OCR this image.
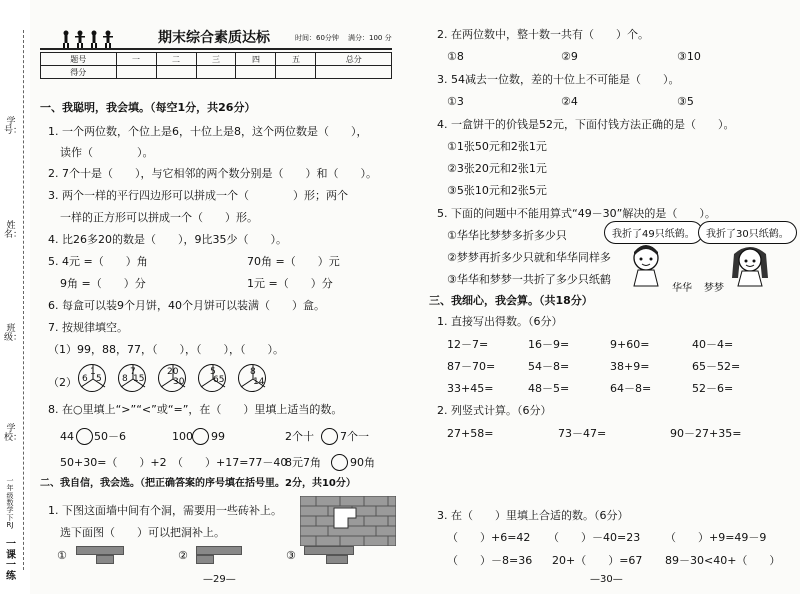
学号：
姓名：
班级：
学校：
一年级 数学 下 RJ
一课一练
期末综合素质达标	时间：60分钟 满分：100 分
题号	一	二	三	四	五	总分
得分						
一、我聪明，我会填。（每空1分，共26分）
1. 一个两位数，个位上是6，十位上是8，这个两位数是（　　），
读作（　　　　）。
2. 7个十是（　　），与它相邻的两个数分别是（　　）和（　　）。
3. 两个一样的平行四边形可以拼成一个（　　　　）形；两个
一样的正方形可以拼成一个（　　）形。
4. 比26多20的数是（　　），9比35少（　　）。
5. 4元 =（　　）角	70角 =（　　）元
9角 =（　　）分	1元 =（　　）分
6. 每盒可以装9个月饼，40个月饼可以装满（　　）盒。
7. 按规律填空。
（1）99，88，77，（　　），（　　），（　　）。
（2）
1
6 5
7
8 15
20
30
5
65
8
14
8. 在○里填上“>”“<”或“=”，在（　　）里填上适当的数。
44 50－6	100 99	2个十 7个一
50+30=（　　）+2 （　　）+17=77－40
8元7角	90角
二、我自信，我会选。（把正确答案的序号填在括号里。2分，共10分）
1. 下图这面墙中间有个洞，需要用一些砖补上。
选下面图（　　）可以把洞补上。
①	②	③
—29—
2. 在两位数中，整十数一共有（　　）个。
①8	②9	③10
3. 54减去一位数，差的十位上不可能是（　　）。
①3	②4	③5
4. 一盒饼干的价钱是52元，下面付钱方法正确的是（　　）。
①1张50元和2张1元
②3张20元和2张1元
③5张10元和2张5元
5. 下面的问题中不能用算式“49－30”解决的是（　　）。
①华华比梦梦多折多少只
②梦梦再折多少只就和华华同样多
③华华和梦梦一共折了多少只纸鹤
我折了49只纸鹤。	我折了30只纸鹤。
华华 梦梦
三、我细心，我会算。（共18分）
1. 直接写出得数。（6分）
12－7=	16－9=	9+60=	40－4=
87－70=	54－8=	38+9=	65－52=
33+45=	48－5=	64－8=	52－6=
2. 列竖式计算。（6分）
27+58=	73－47=	90－27+35=
3. 在（　　）里填上合适的数。（6分）
（　　）+6=42 （　　）－40=23 （　　）+9=49－9
（　　）－8=36 20+（　　）=67 89－30<40+（　　）
—30—
